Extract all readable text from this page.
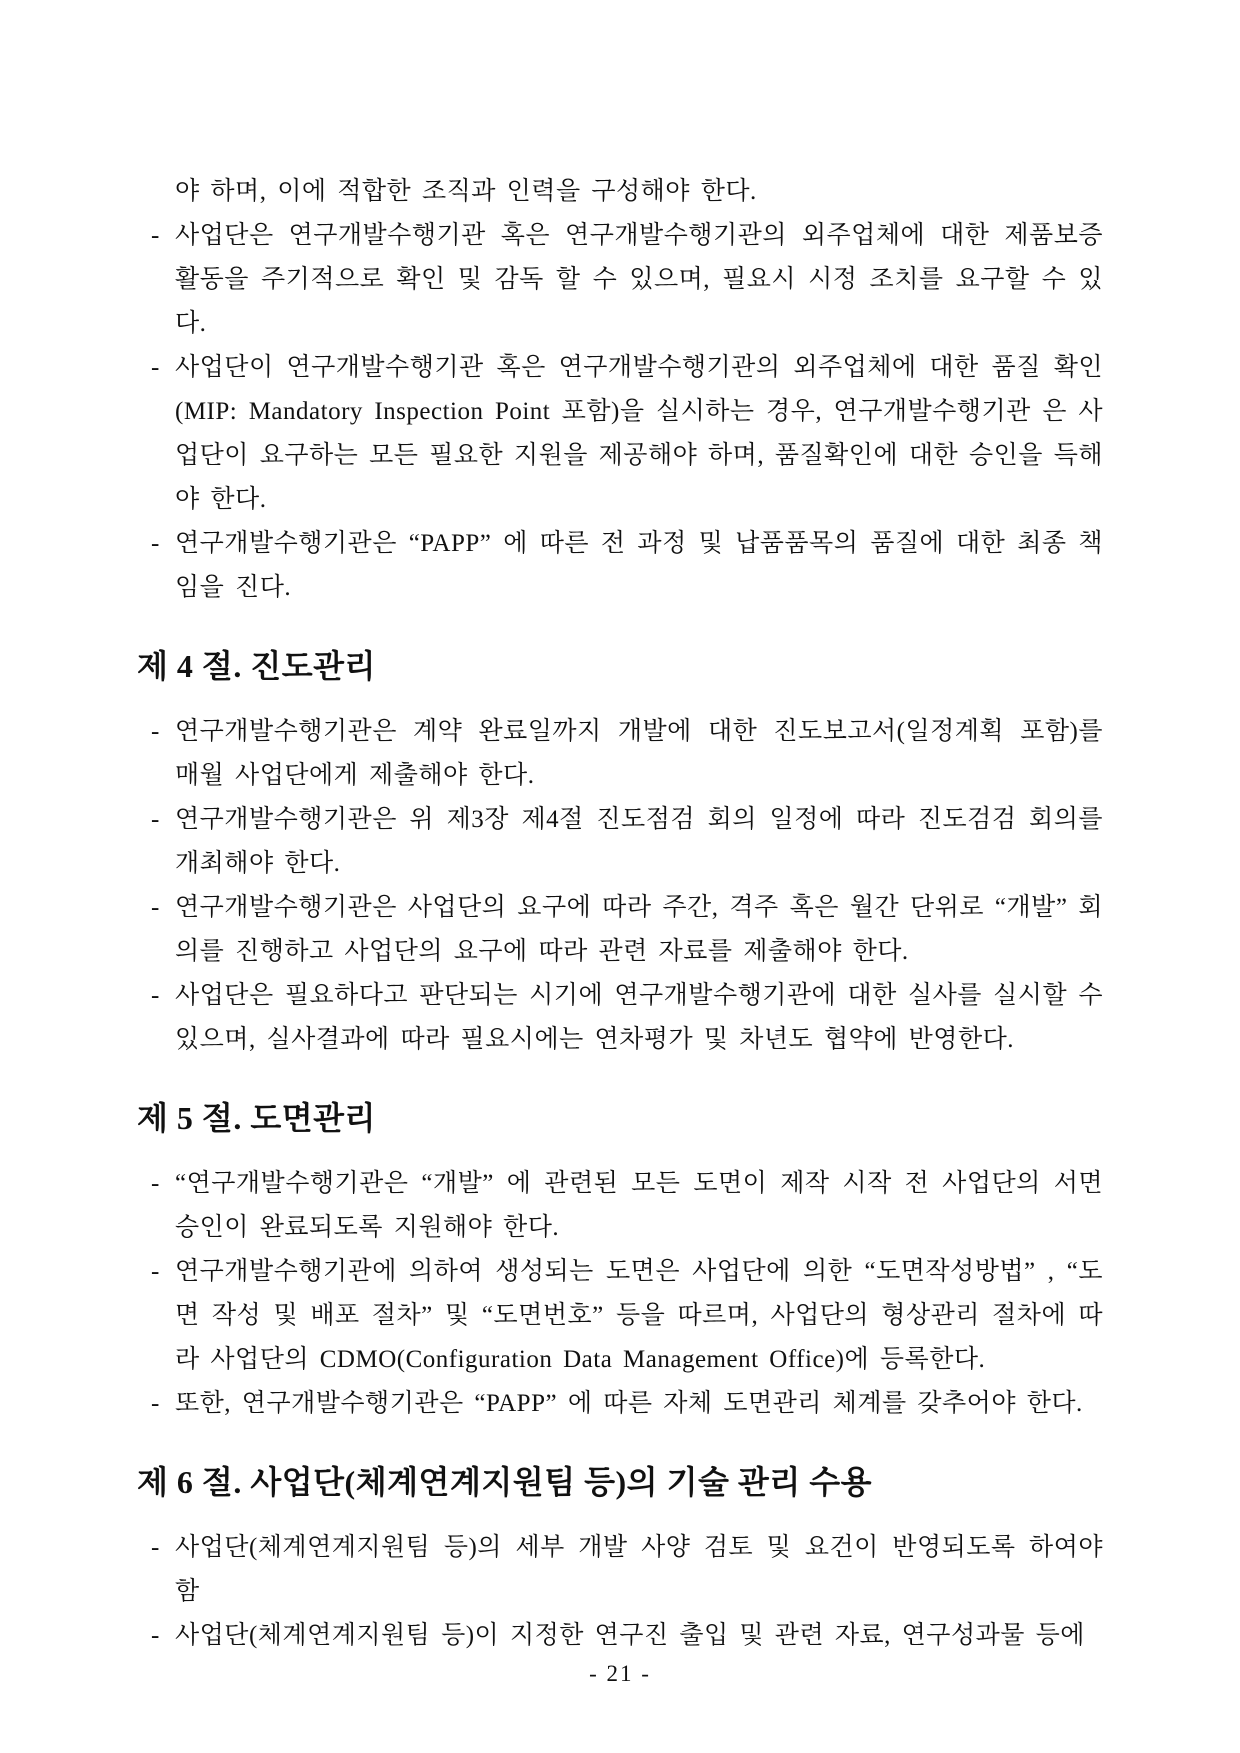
야 하며, 이에 적합한 조직과 인력을 구성해야 한다.

- 사업단은 연구개발수행기관 혹은 연구개발수행기관의 외주업체에 대한 제품보증 활동을 주기적으로 확인 및 감독 할 수 있으며, 필요시 시정 조치를 요구할 수 있다.
- 사업단이 연구개발수행기관 혹은 연구개발수행기관의 외주업체에 대한 품질 확인(MIP: Mandatory Inspection Point 포함)을 실시하는 경우, 연구개발수행기관 은 사업단이 요구하는 모든 필요한 지원을 제공해야 하며, 품질확인에 대한 승인을 득해야 한다.
- 연구개발수행기관은 “PAPP” 에 따른 전 과정 및 납품품목의 품질에 대한 최종 책임을 진다.
제 4 절. 진도관리
- 연구개발수행기관은 계약 완료일까지 개발에 대한 진도보고서(일정계획 포함)를 매월 사업단에게 제출해야 한다.
- 연구개발수행기관은 위 제3장 제4절 진도점검 회의 일정에 따라 진도검검 회의를 개최해야 한다.
- 연구개발수행기관은 사업단의 요구에 따라 주간, 격주 혹은 월간 단위로 “개발” 회의를 진행하고 사업단의 요구에 따라 관련 자료를 제출해야 한다.
- 사업단은 필요하다고 판단되는 시기에 연구개발수행기관에 대한 실사를 실시할 수 있으며, 실사결과에 따라 필요시에는 연차평가 및 차년도 협약에 반영한다.
제 5 절. 도면관리
- “연구개발수행기관은 “개발” 에 관련된 모든 도면이 제작 시작 전 사업단의 서면 승인이 완료되도록 지원해야 한다.
- 연구개발수행기관에 의하여 생성되는 도면은 사업단에 의한 “도면작성방법” , “도면 작성 및 배포 절차” 및 “도면번호” 등을 따르며, 사업단의 형상관리 절차에 따라 사업단의 CDMO(Configuration Data Management Office)에 등록한다.
- 또한, 연구개발수행기관은 “PAPP” 에 따른 자체 도면관리 체계를 갖추어야 한다.
제 6 절. 사업단(체계연계지원팀 등)의 기술 관리 수용
- 사업단(체계연계지원팀 등)의 세부 개발 사양 검토 및 요건이 반영되도록 하여야 함
- 사업단(체계연계지원팀 등)이 지정한 연구진 출입 및 관련 자료, 연구성과물 등에
- 21 -
